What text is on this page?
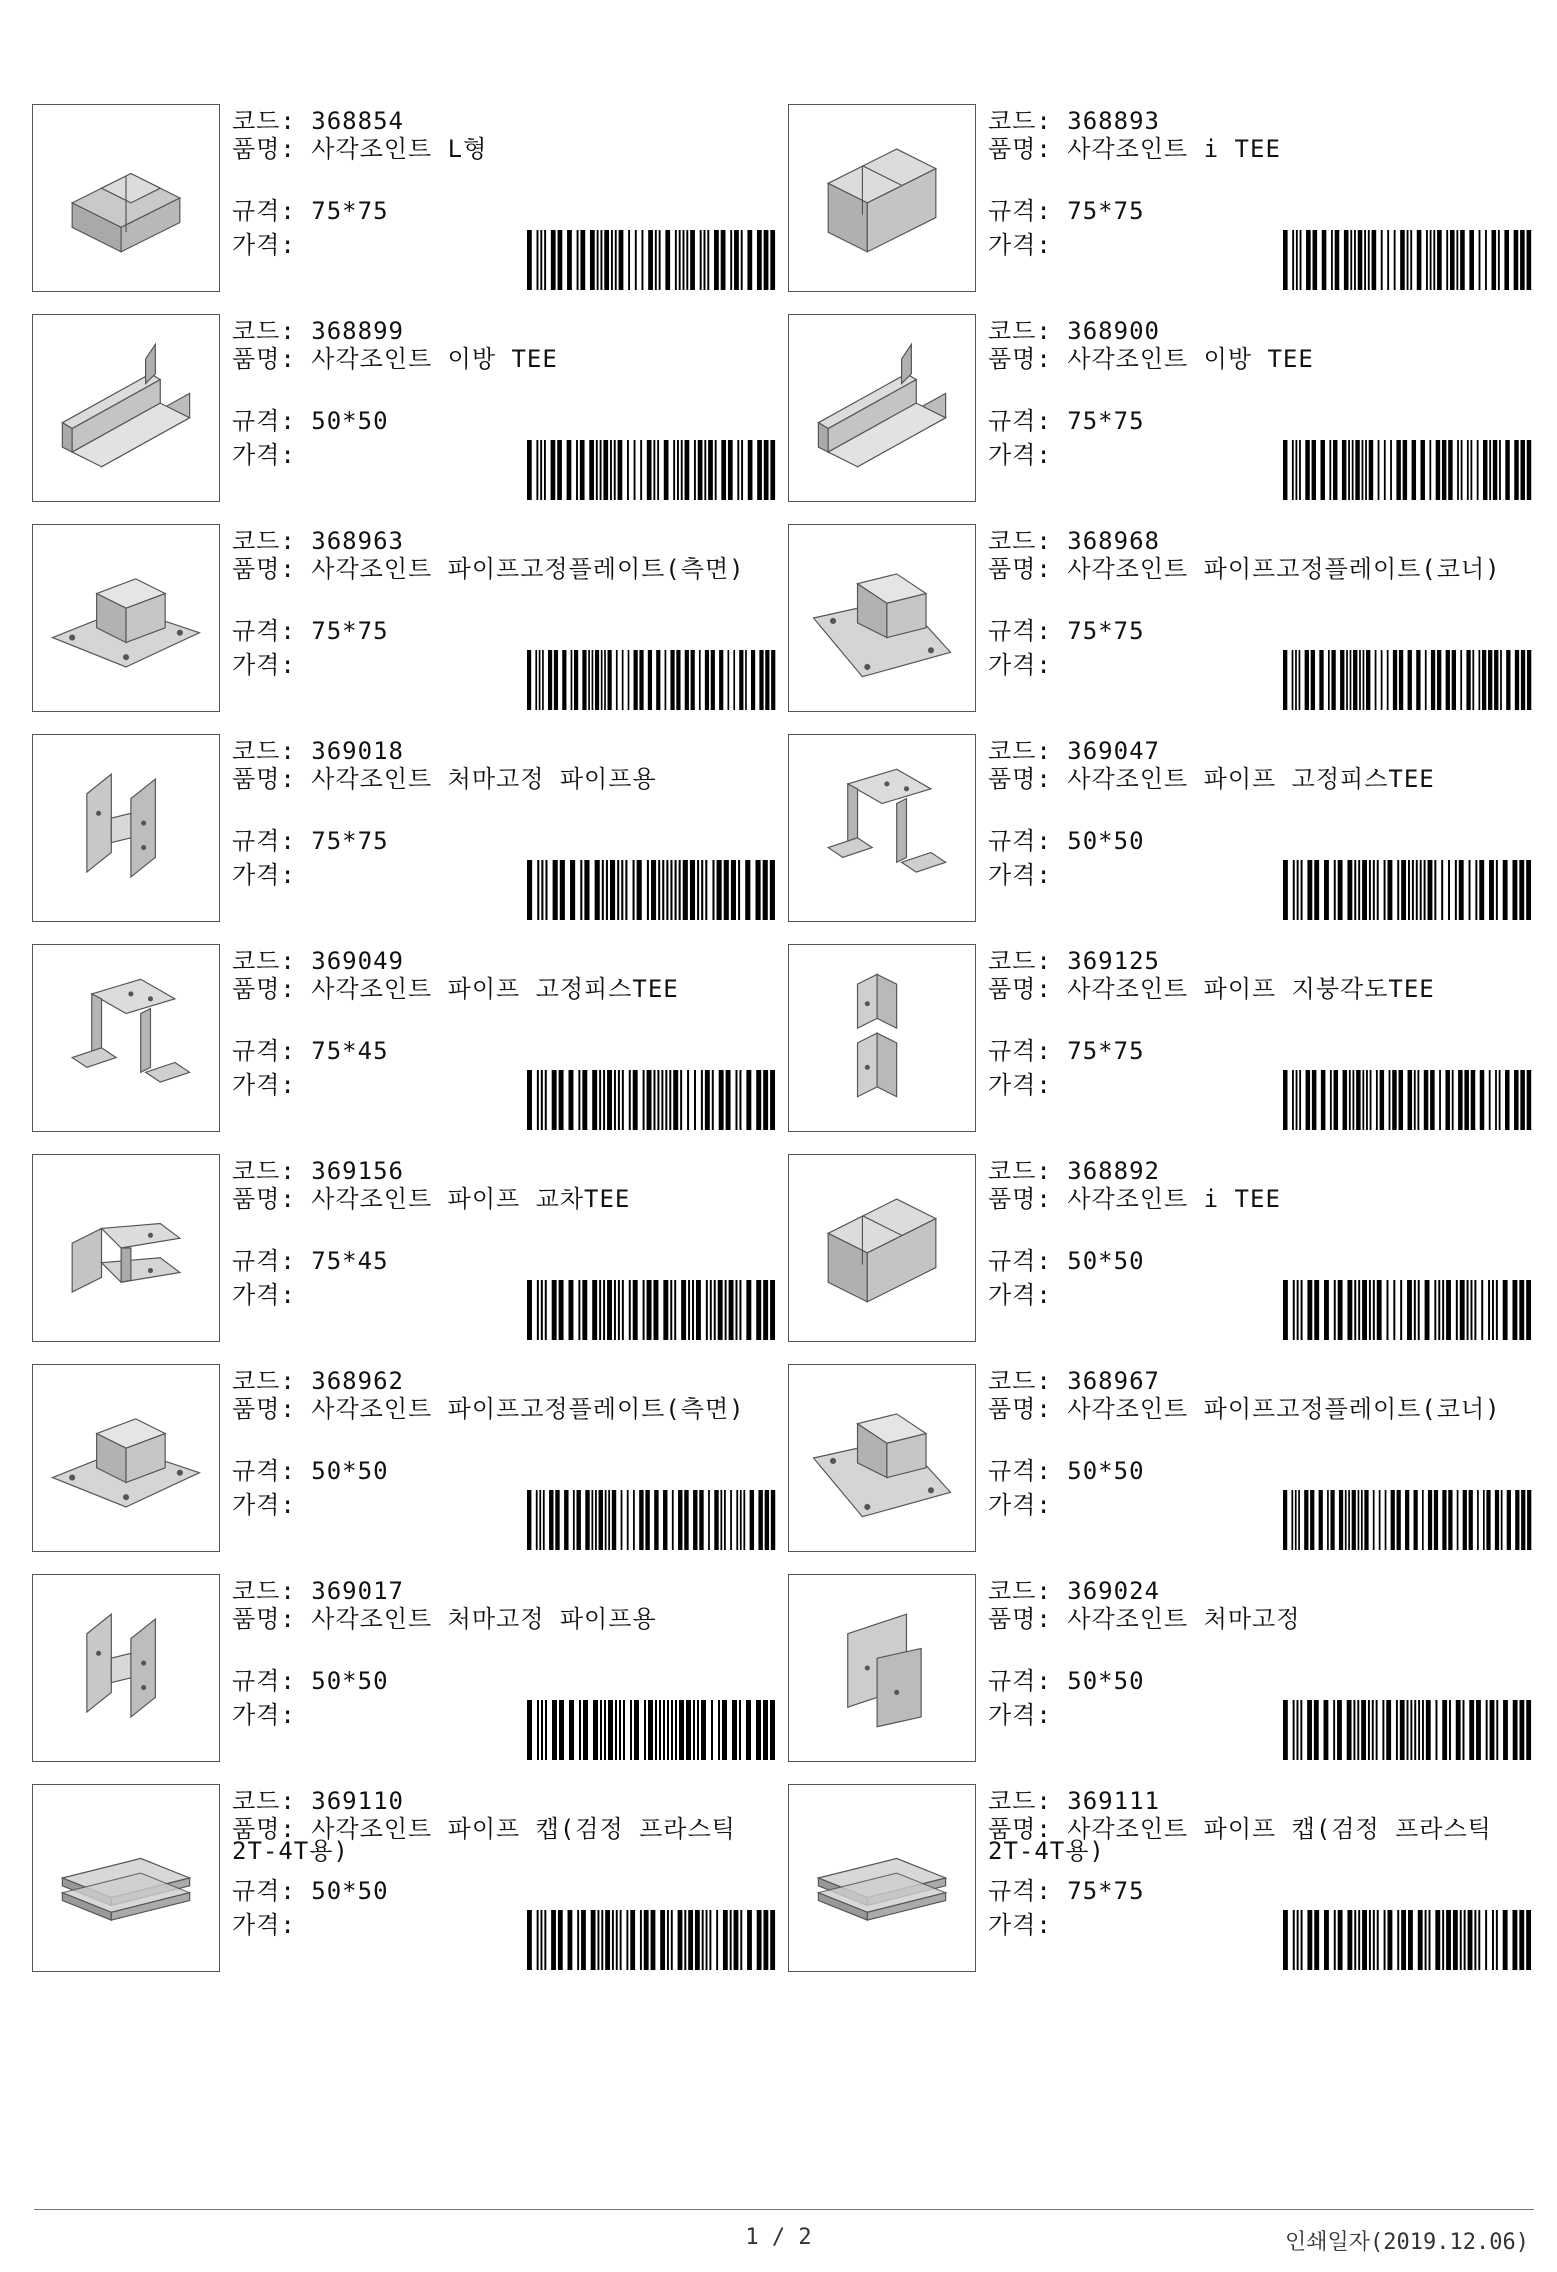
코드: 368854
품명: 사각조인트 L형
규격: 75*75
가격:
코드: 368893
품명: 사각조인트 i TEE
규격: 75*75
가격:
코드: 368899
품명: 사각조인트 이방 TEE
규격: 50*50
가격:
코드: 368900
품명: 사각조인트 이방 TEE
규격: 75*75
가격:
코드: 368963
품명: 사각조인트 파이프고정플레이트(측면)
규격: 75*75
가격:
코드: 368968
품명: 사각조인트 파이프고정플레이트(코너)
규격: 75*75
가격:
코드: 369018
품명: 사각조인트 처마고정 파이프용
규격: 75*75
가격:
코드: 369047
품명: 사각조인트 파이프 고정피스TEE
규격: 50*50
가격:
코드: 369049
품명: 사각조인트 파이프 고정피스TEE
규격: 75*45
가격:
코드: 369125
품명: 사각조인트 파이프 지붕각도TEE
규격: 75*75
가격:
코드: 369156
품명: 사각조인트 파이프 교차TEE
규격: 75*45
가격:
코드: 368892
품명: 사각조인트 i TEE
규격: 50*50
가격:
코드: 368962
품명: 사각조인트 파이프고정플레이트(측면)
규격: 50*50
가격:
코드: 368967
품명: 사각조인트 파이프고정플레이트(코너)
규격: 50*50
가격:
코드: 369017
품명: 사각조인트 처마고정 파이프용
규격: 50*50
가격:
코드: 369024
품명: 사각조인트 처마고정
규격: 50*50
가격:
코드: 369110
품명: 사각조인트 파이프 캡(검정 프라스틱 2T-4T용)
규격: 50*50
가격:
코드: 369111
품명: 사각조인트 파이프 캡(검정 프라스틱 2T-4T용)
규격: 75*75
가격:
1 / 2	인쇄일자(2019.12.06)
